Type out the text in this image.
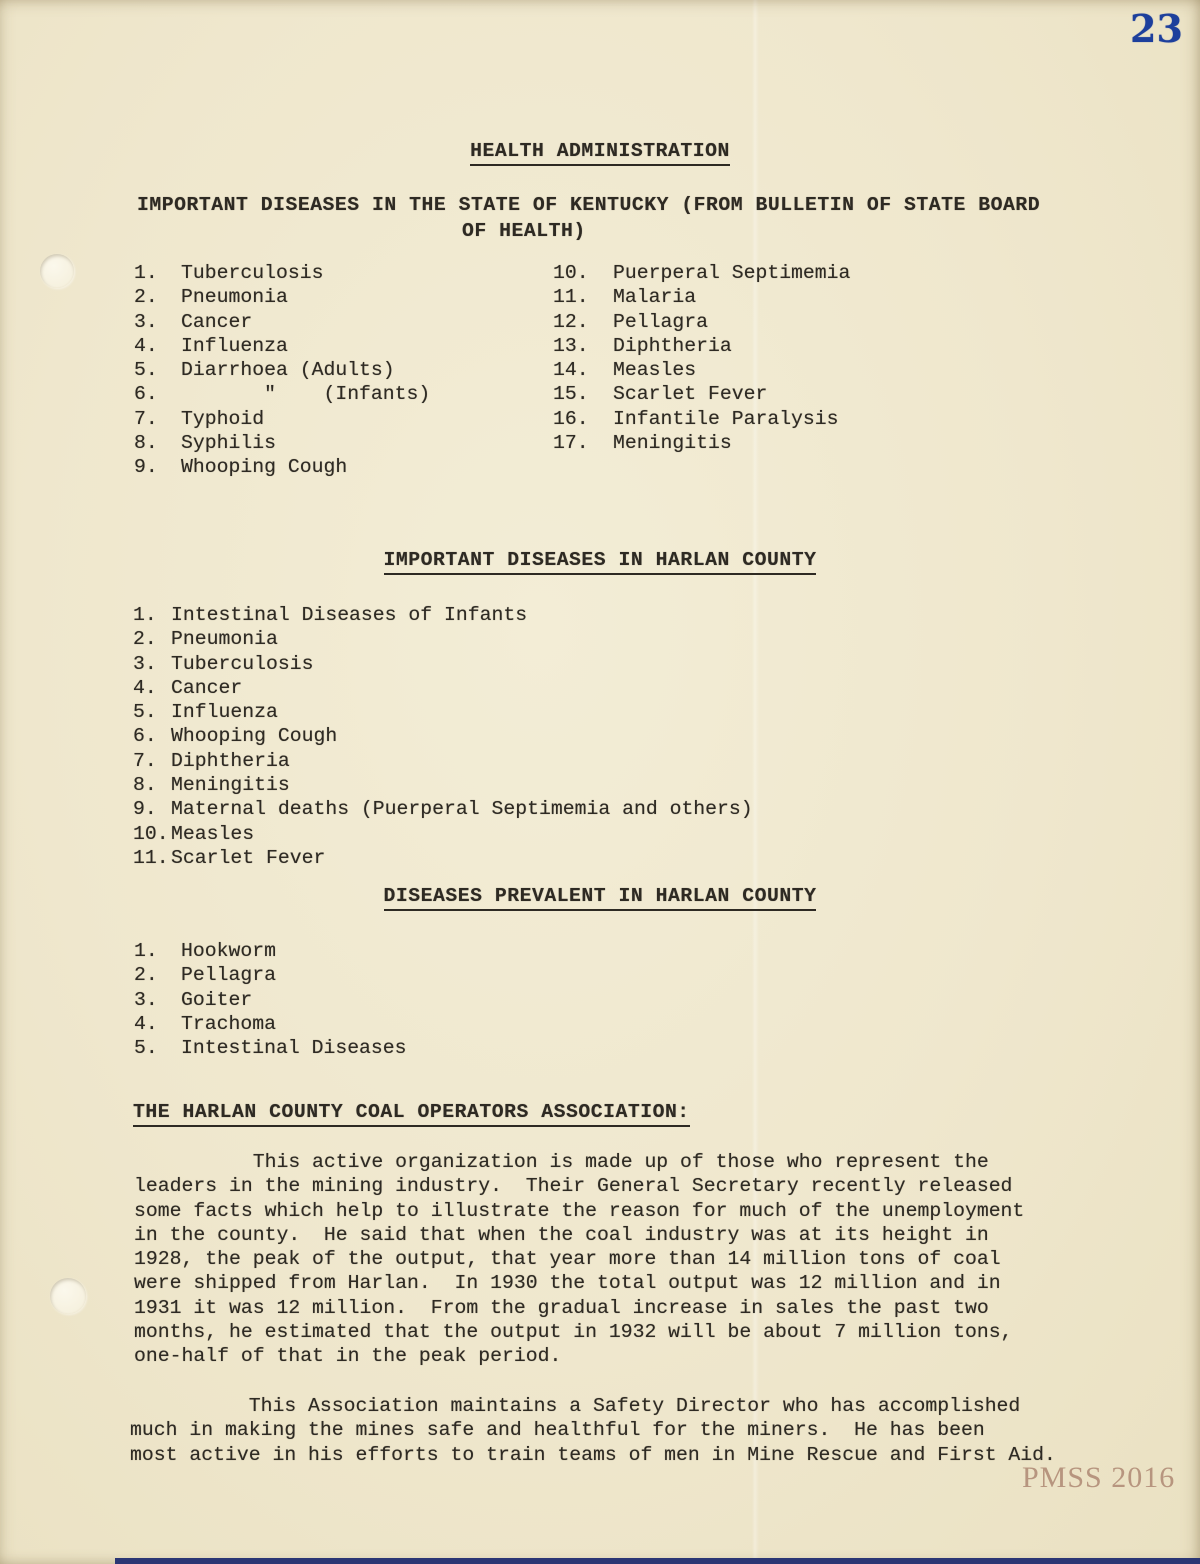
23
HEALTH ADMINISTRATION
IMPORTANT DISEASES IN THE STATE OF KENTUCKY (FROM BULLETIN OF STATE BOARD
OF HEALTH)
1.	Tuberculosis
2.	Pneumonia
3.	Cancer
4.	Influenza
5.	Diarrhoea (Adults)
6.	"    (Infants)
7.	Typhoid
8.	Syphilis
9.	Whooping Cough
10.	Puerperal Septimemia
11.	Malaria
12.	Pellagra
13.	Diphtheria
14.	Measles
15.	Scarlet Fever
16.	Infantile Paralysis
17.	Meningitis
IMPORTANT DISEASES IN HARLAN COUNTY
1. Intestinal Diseases of Infants
2. Pneumonia
3. Tuberculosis
4. Cancer
5. Influenza
6. Whooping Cough
7. Diphtheria
8. Meningitis
9. Maternal deaths (Puerperal Septimemia and others)
10. Measles
11. Scarlet Fever
DISEASES PREVALENT IN HARLAN COUNTY
1.	Hookworm
2.	Pellagra
3.	Goiter
4.	Trachoma
5.	Intestinal Diseases
THE HARLAN COUNTY COAL OPERATORS ASSOCIATION:
This active organization is made up of those who represent the
leaders in the mining industry.  Their General Secretary recently released
some facts which help to illustrate the reason for much of the unemployment
in the county.  He said that when the coal industry was at its height in
1928, the peak of the output, that year more than 14 million tons of coal
were shipped from Harlan.  In 1930 the total output was 12 million and in
1931 it was 12 million.  From the gradual increase in sales the past two
months, he estimated that the output in 1932 will be about 7 million tons,
one-half of that in the peak period.
This Association maintains a Safety Director who has accomplished
much in making the mines safe and healthful for the miners.  He has been
most active in his efforts to train teams of men in Mine Rescue and First Aid.
PMSS 2016
